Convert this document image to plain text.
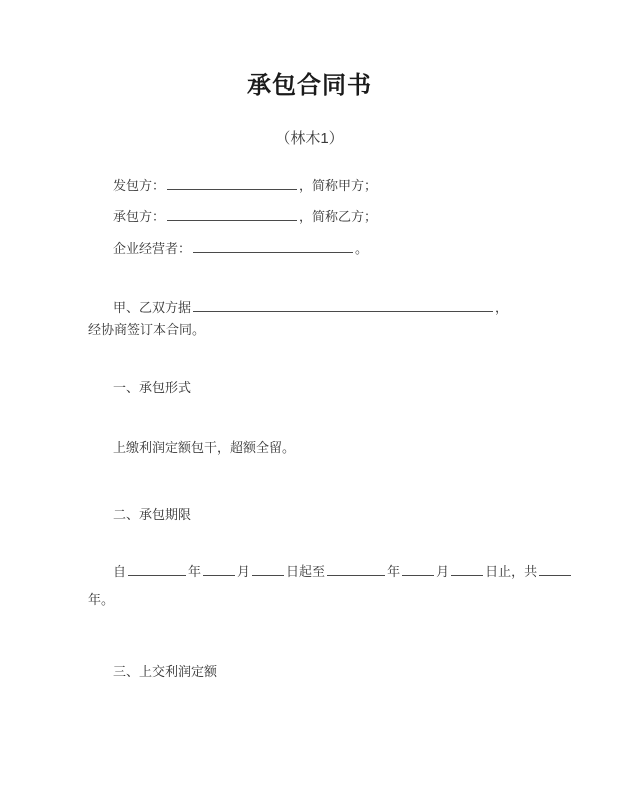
承包合同书
（林木1）
发包方：	，简称甲方；
承包方：	，简称乙方；
企业经营者：	。
甲、乙双方据	，
经协商签订本合同。
一、承包形式
上缴利润定额包干，超额全留。
二、承包期限
自	年	月	日起至	年	月	日止，共
年。
三、上交利润定额
